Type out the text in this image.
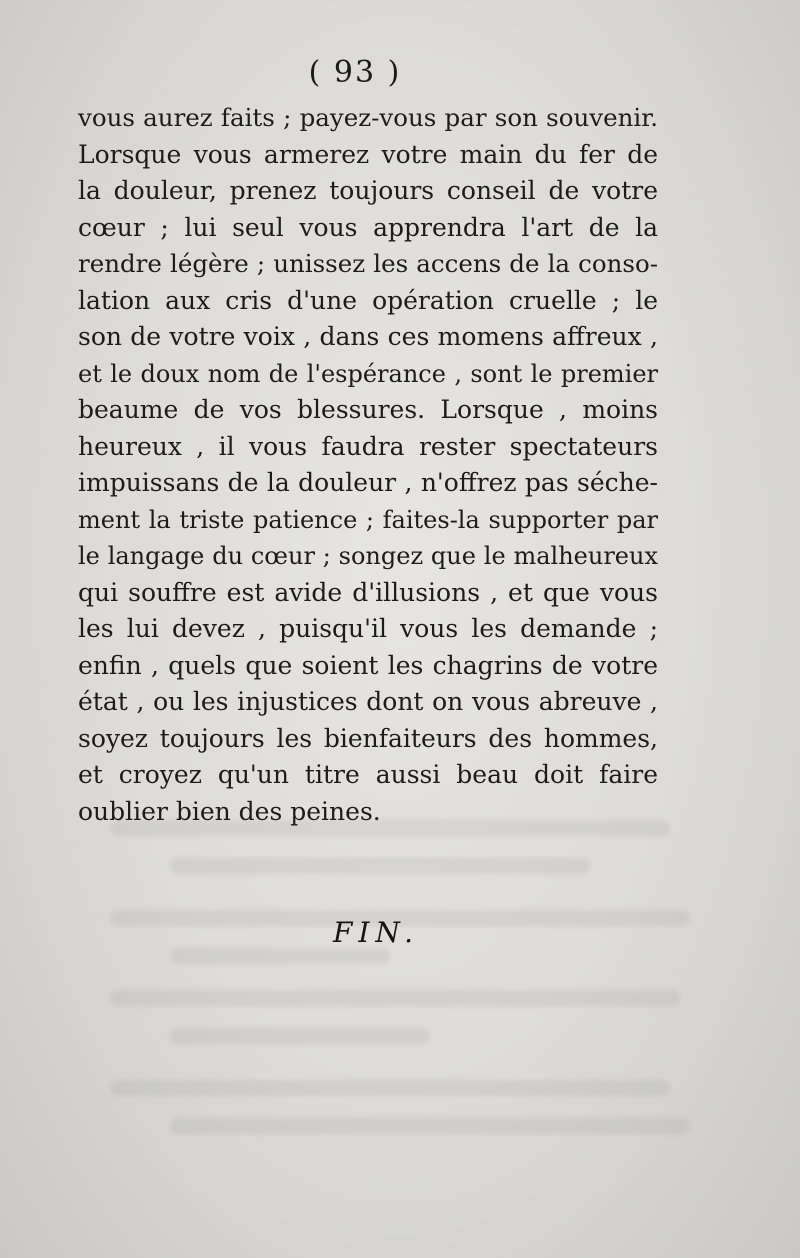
( 93 )
vous aurez faits ; payez-vous par son souvenir.
Lorsque vous armerez votre main du fer de
la douleur, prenez toujours conseil de votre
cœur ; lui seul vous apprendra l'art de la
rendre légère ; unissez les accens de la conso-
lation aux cris d'une opération cruelle ; le
son de votre voix , dans ces momens affreux ,
et le doux nom de l'espérance , sont le premier
beaume de vos blessures. Lorsque , moins
heureux , il vous faudra rester spectateurs
impuissans de la douleur , n'offrez pas séche-
ment la triste patience ; faites-la supporter par
le langage du cœur ; songez que le malheureux
qui souffre est avide d'illusions , et que vous
les lui devez , puisqu'il vous les demande ;
enfin , quels que soient les chagrins de votre
état , ou les injustices dont on vous abreuve ,
soyez toujours les bienfaiteurs des hommes,
et croyez qu'un titre aussi beau doit faire
oublier bien des peines.
FIN.
